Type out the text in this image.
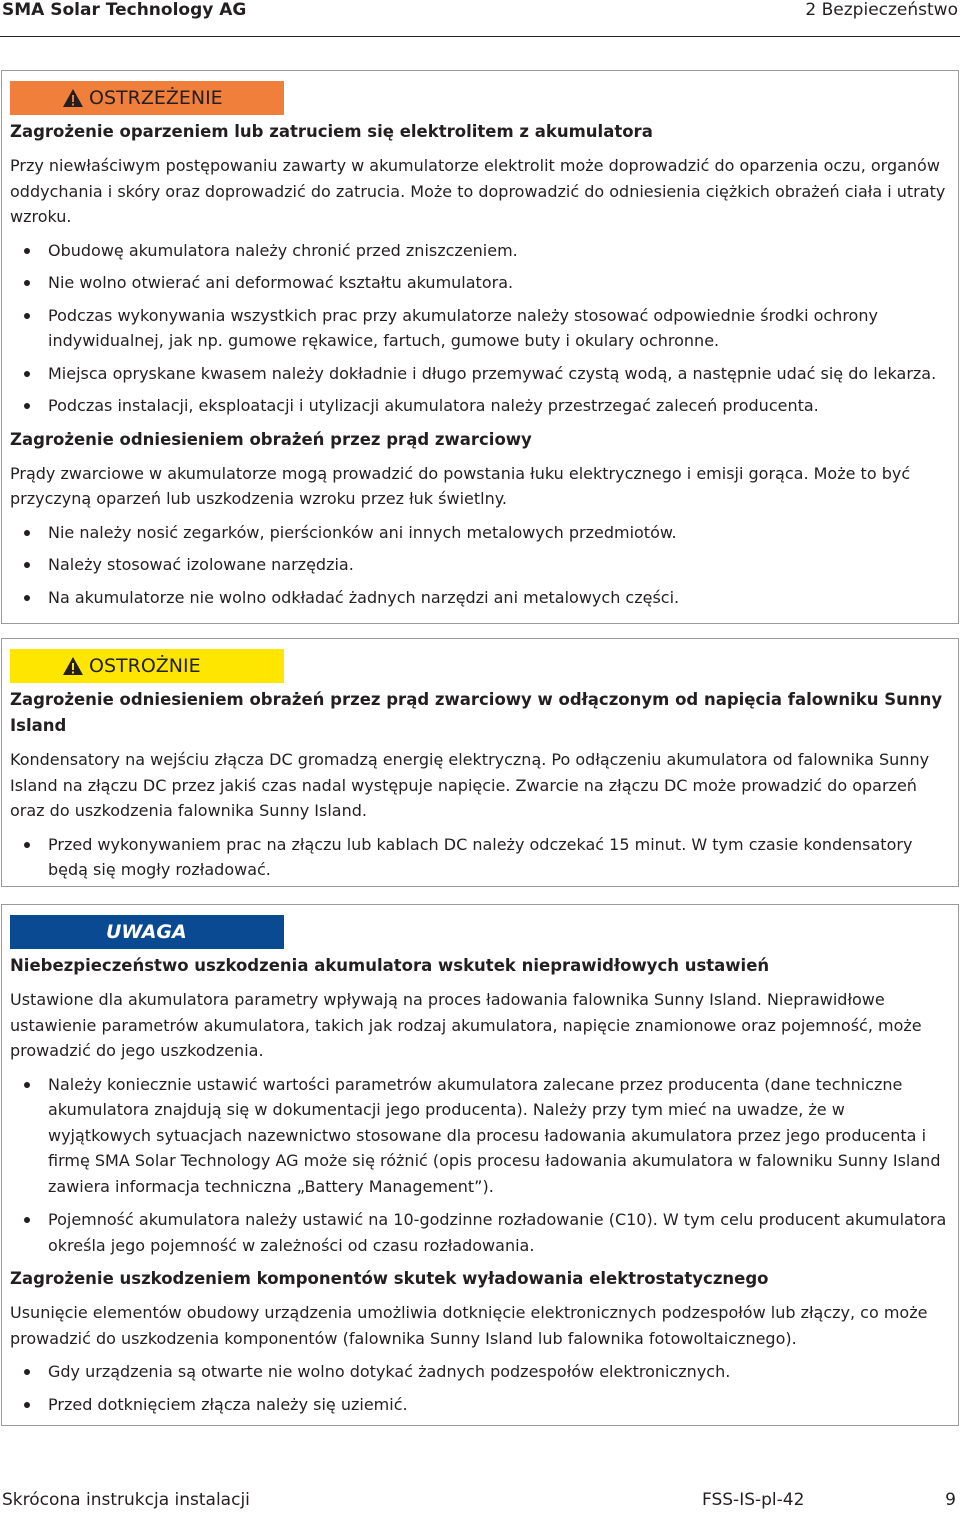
SMA Solar Technology AG	2 Bezpieczeństwo
OSTRZEŻENIE
Zagrożenie oparzeniem lub zatruciem się elektrolitem z akumulatora

Przy niewłaściwym postępowaniu zawarty w akumulatorze elektrolit może doprowadzić do oparzenia oczu, organów oddychania i skóry oraz doprowadzić do zatrucia. Może to doprowadzić do odniesienia ciężkich obrażeń ciała i utraty wzroku.

Obudowę akumulatora należy chronić przed zniszczeniem.
Nie wolno otwierać ani deformować kształtu akumulatora.
Podczas wykonywania wszystkich prac przy akumulatorze należy stosować odpowiednie środki ochrony indywidualnej, jak np. gumowe rękawice, fartuch, gumowe buty i okulary ochronne.
Miejsca opryskane kwasem należy dokładnie i długo przemywać czystą wodą, a następnie udać się do lekarza.
Podczas instalacji, eksploatacji i utylizacji akumulatora należy przestrzegać zaleceń producenta.
Zagrożenie odniesieniem obrażeń przez prąd zwarciowy

Prądy zwarciowe w akumulatorze mogą prowadzić do powstania łuku elektrycznego i emisji gorąca. Może to być przyczyną oparzeń lub uszkodzenia wzroku przez łuk świetlny.

Nie należy nosić zegarków, pierścionków ani innych metalowych przedmiotów.
Należy stosować izolowane narzędzia.
Na akumulatorze nie wolno odkładać żadnych narzędzi ani metalowych części.
OSTROŻNIE
Zagrożenie odniesieniem obrażeń przez prąd zwarciowy w odłączonym od napięcia falowniku Sunny Island

Kondensatory na wejściu złącza DC gromadzą energię elektryczną. Po odłączeniu akumulatora od falownika Sunny Island na złączu DC przez jakiś czas nadal występuje napięcie. Zwarcie na złączu DC może prowadzić do oparzeń oraz do uszkodzenia falownika Sunny Island.

Przed wykonywaniem prac na złączu lub kablach DC należy odczekać 15 minut. W tym czasie kondensatory będą się mogły rozładować.
UWAGA
Niebezpieczeństwo uszkodzenia akumulatora wskutek nieprawidłowych ustawień

Ustawione dla akumulatora parametry wpływają na proces ładowania falownika Sunny Island. Nieprawidłowe ustawienie parametrów akumulatora, takich jak rodzaj akumulatora, napięcie znamionowe oraz pojemność, może prowadzić do jego uszkodzenia.

Należy koniecznie ustawić wartości parametrów akumulatora zalecane przez producenta (dane techniczne akumulatora znajdują się w dokumentacji jego producenta). Należy przy tym mieć na uwadze, że w wyjątkowych sytuacjach nazewnictwo stosowane dla procesu ładowania akumulatora przez jego producenta i firmę SMA Solar Technology AG może się różnić (opis procesu ładowania akumulatora w falowniku Sunny Island zawiera informacja techniczna „Battery Management”).
Pojemność akumulatora należy ustawić na 10-godzinne rozładowanie (C10). W tym celu producent akumulatora określa jego pojemność w zależności od czasu rozładowania.
Zagrożenie uszkodzeniem komponentów skutek wyładowania elektrostatycznego

Usunięcie elementów obudowy urządzenia umożliwia dotknięcie elektronicznych podzespołów lub złączy, co może prowadzić do uszkodzenia komponentów (falownika Sunny Island lub falownika fotowoltaicznego).

Gdy urządzenia są otwarte nie wolno dotykać żadnych podzespołów elektronicznych.
Przed dotknięciem złącza należy się uziemić.
Skrócona instrukcja instalacji	FSS-IS-pl-42	9
